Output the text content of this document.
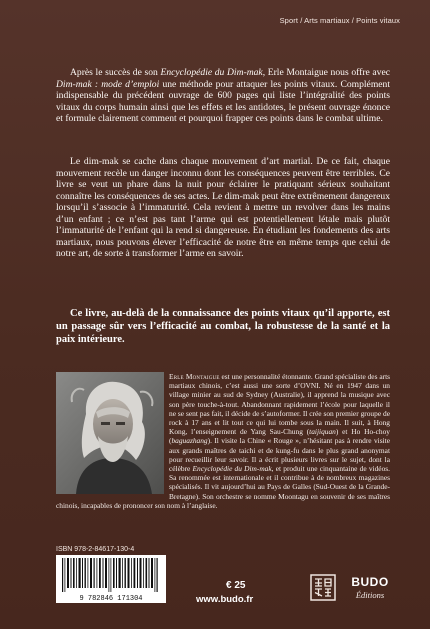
Sport / Arts martiaux / Points vitaux

Après le succès de son Encyclopédie du Dim-mak, Erle Montaigue nous offre avec Dim-mak : mode d’emploi une méthode pour attaquer les points vitaux. Complément indispensable du précédent ouvrage de 600 pages qui liste l’intégralité des points vitaux du corps humain ainsi que les effets et les antidotes, le présent ouvrage énonce et formule clairement comment et pourquoi frapper ces points dans le combat ultime.

Le dim-mak se cache dans chaque mouvement d’art martial. De ce fait, chaque mouvement recèle un danger inconnu dont les conséquences peuvent être terribles. Ce livre se veut un phare dans la nuit pour éclairer le pratiquant sérieux souhaitant connaître les conséquences de ses actes. Le dim-mak peut être extrêmement dangereux lorsqu’il s’associe à l’immaturité. Cela revient à mettre un revolver dans les mains d’un enfant ; ce n’est pas tant l’arme qui est potentiellement létale mais plutôt l’immaturité de l’enfant qui la rend si dangereuse. En étudiant les fondements des arts martiaux, nous pouvons élever l’efficacité de notre être en même temps que celui de notre art, de sorte à transformer l’arme en savoir.

Ce livre, au-delà de la connaissance des points vitaux qu’il apporte, est un passage sûr vers l’efficacité au combat, la robustesse de la santé et la paix intérieure.

Erle Montaigue est une personnalité étonnante. Grand spécialiste des arts martiaux chinois, c’est aussi une sorte d’OVNI. Né en 1947 dans un village minier au sud de Sydney (Australie), il apprend la musique avec son père touche-à-tout. Abandonnant rapidement l’école pour laquelle il ne se sent pas fait, il décide de s’autoformer. Il crée son premier groupe de rock à 17 ans et lit tout ce qui lui tombe sous la main. Il suit, à Hong Kong, l’enseignement de Yang Sau-Chung (taijiquan) et Ho Ho-choy (baguazhang). Il visite la Chine « Rouge », n’hésitant pas à rendre visite aux grands maîtres de taichi et de kung-fu dans le plus grand anonymat pour recueillir leur savoir. Il a écrit plusieurs livres sur le sujet, dont la célèbre Encyclopédie du Dim-mak, et produit une cinquantaine de vidéos. Sa renommée est internationale et il contribue à de nombreux magazines spécialisés. Il vit aujourd’hui au Pays de Galles (Sud-Ouest de la Grande-Bretagne). Son orchestre se nomme Moontagu en souvenir de ses maîtres chinois, incapables de prononcer son nom à l’anglaise.

ISBN 978-2-84617-130-4
9 782846 171304
€ 25
www.budo.fr
BUDO
Éditions
